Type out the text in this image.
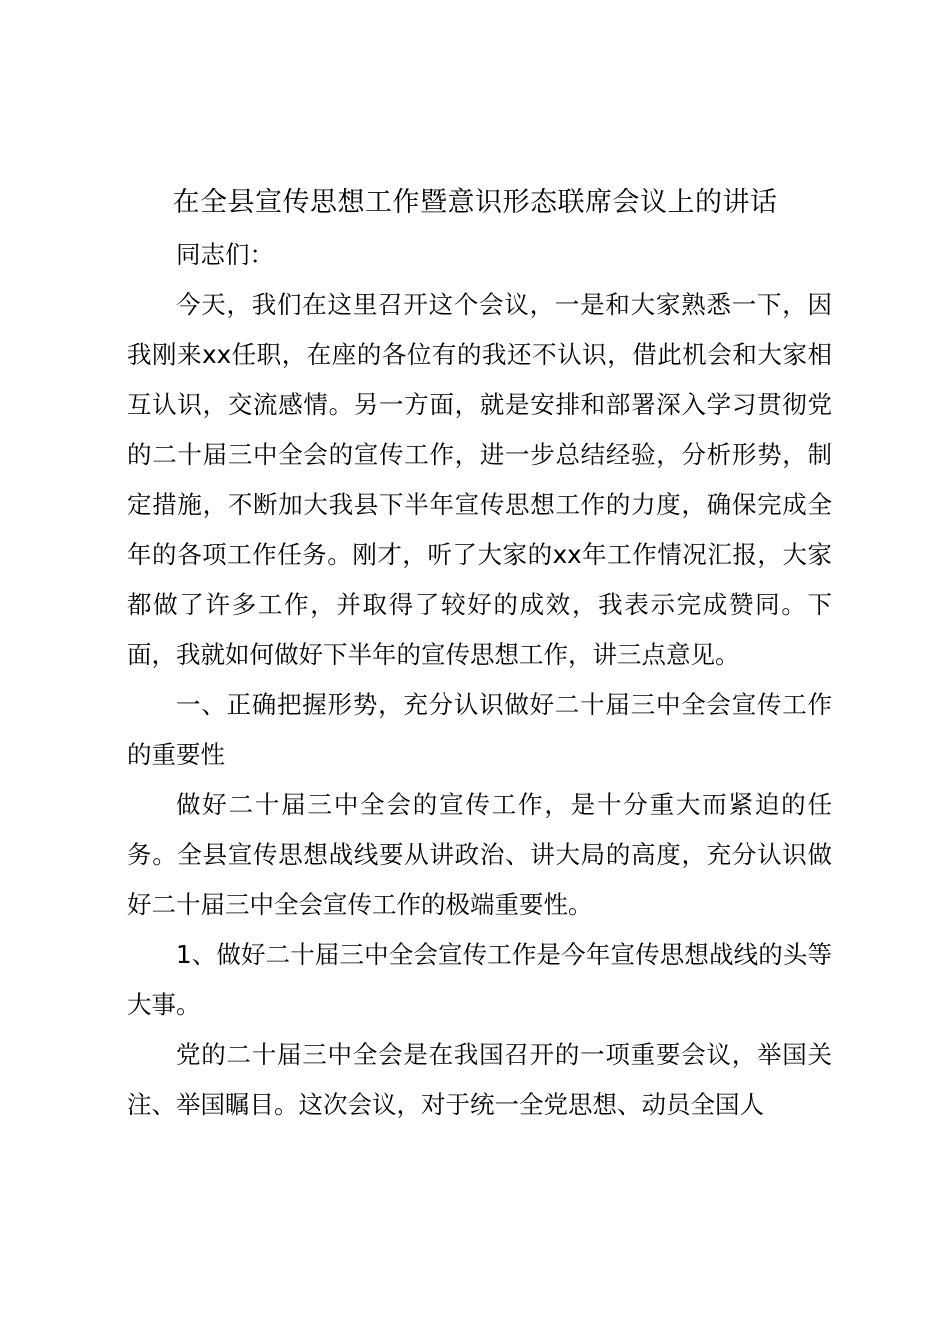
在全县宣传思想工作暨意识形态联席会议上的讲话

同志们：

今天，我们在这里召开这个会议，一是和大家熟悉一下，因我刚来xx任职，在座的各位有的我还不认识，借此机会和大家相互认识，交流感情。另一方面，就是安排和部署深入学习贯彻党的二十届三中全会的宣传工作，进一步总结经验，分析形势，制定措施，不断加大我县下半年宣传思想工作的力度，确保完成全年的各项工作任务。刚才，听了大家的xx年工作情况汇报，大家都做了许多工作，并取得了较好的成效，我表示完成赞同。下面，我就如何做好下半年的宣传思想工作，讲三点意见。

一、正确把握形势，充分认识做好二十届三中全会宣传工作的重要性

做好二十届三中全会的宣传工作，是十分重大而紧迫的任务。全县宣传思想战线要从讲政治、讲大局的高度，充分认识做好二十届三中全会宣传工作的极端重要性。

1、做好二十届三中全会宣传工作是今年宣传思想战线的头等大事。

党的二十届三中全会是在我国召开的一项重要会议，举国关注、举国瞩目。这次会议，对于统一全党思想、动员全国人
